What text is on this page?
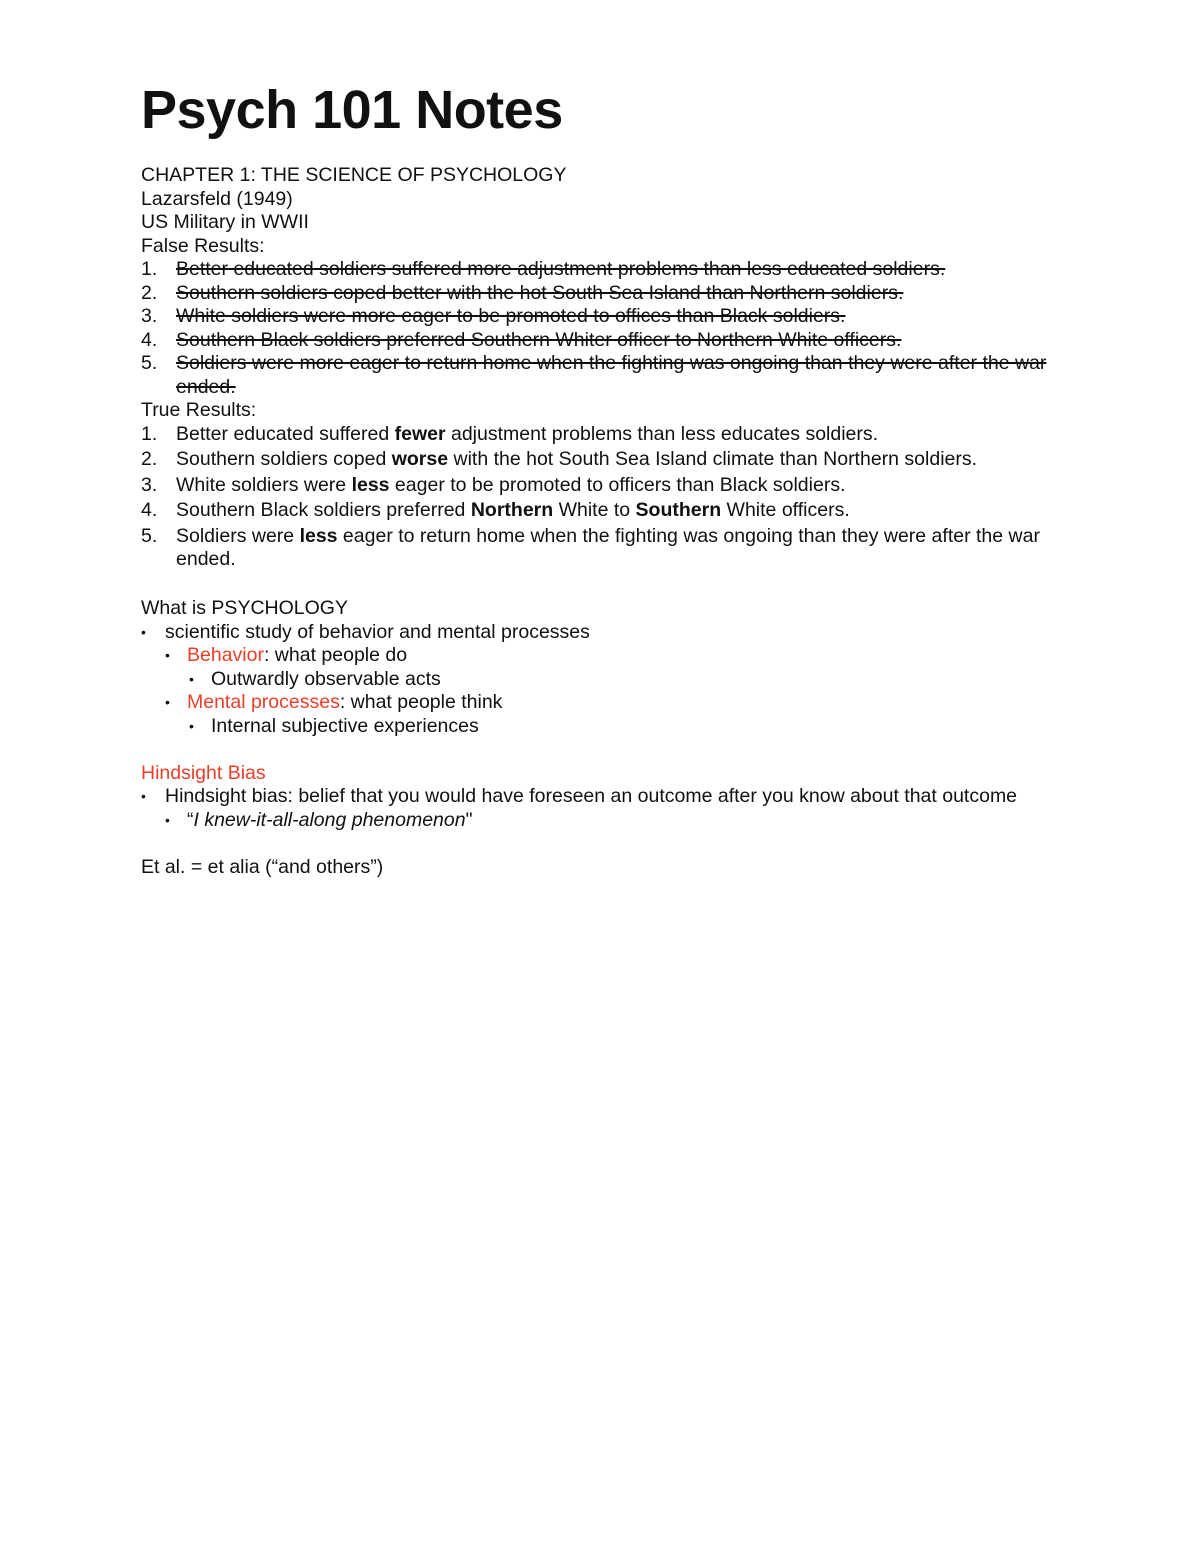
Psych 101 Notes

CHAPTER 1: THE SCIENCE OF PSYCHOLOGY

Lazarsfeld (1949)

US Military in WWII

False Results:

1. Better educated soldiers suffered more adjustment problems than less educated soldiers.
2. Southern soldiers coped better with the hot South Sea Island than Northern soldiers.
3. White soldiers were more eager to be promoted to offices than Black soldiers.
4. Southern Black soldiers preferred Southern Whiter officer to Northern White officers.
5. Soldiers were more eager to return home when the fighting was ongoing than they were after the war ended.

True Results:

1. Better educated suffered fewer adjustment problems than less educates soldiers.
2. Southern soldiers coped worse with the hot South Sea Island climate than Northern soldiers.
3. White soldiers were less eager to be promoted to officers than Black soldiers.
4. Southern Black soldiers preferred Northern White to Southern White officers.
5. Soldiers were less eager to return home when the fighting was ongoing than they were after the war ended.

What is PSYCHOLOGY

• scientific study of behavior and mental processes
• Behavior: what people do
• Outwardly observable acts
• Mental processes: what people think
• Internal subjective experiences

Hindsight Bias

• Hindsight bias: belief that you would have foreseen an outcome after you know about that outcome
• “I knew-it-all-along phenomenon"

Et al. = et alia (“and others”)
